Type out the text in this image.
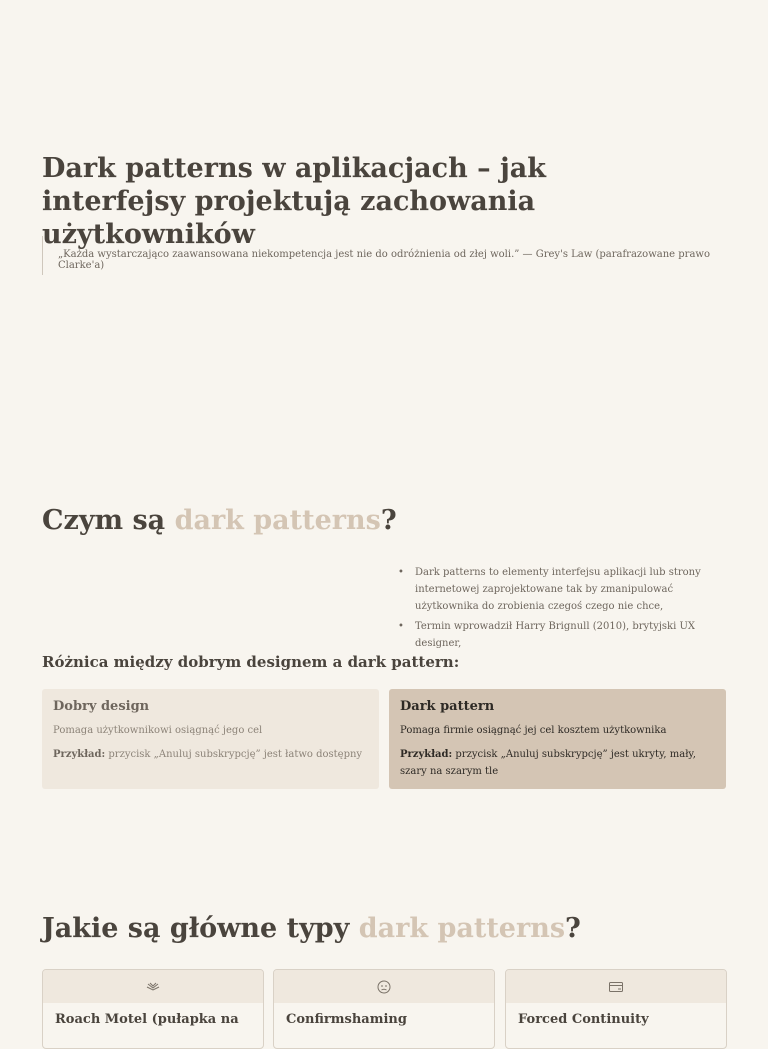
Dark patterns w aplikacjach – jak interfejsy projektują zachowania użytkowników
„Każda wystarczająco zaawansowana niekompetencja jest nie do odróżnienia od złej woli.” — Grey's Law (parafrazowane prawo Clarke'a)
Czym są dark patterns?
• Dark patterns to elementy interfejsu aplikacji lub strony internetowej zaprojektowane tak by zmanipulować użytkownika do zrobienia czegoś czego nie chce,
• Termin wprowadził Harry Brignull (2010), brytyjski UX designer,
Różnica między dobrym designem a dark pattern:
Dobry design
Pomaga użytkownikowi osiągnąć jego cel
Przykład: przycisk „Anuluj subskrypcję” jest łatwo dostępny
Dark pattern
Pomaga firmie osiągnąć jej cel kosztem użytkownika
Przykład: przycisk „Anuluj subskrypcję” jest ukryty, mały, szary na szarym tle
Jakie są główne typy dark patterns?
Roach Motel (pułapka na	Confirmshaming	Forced Continuity
